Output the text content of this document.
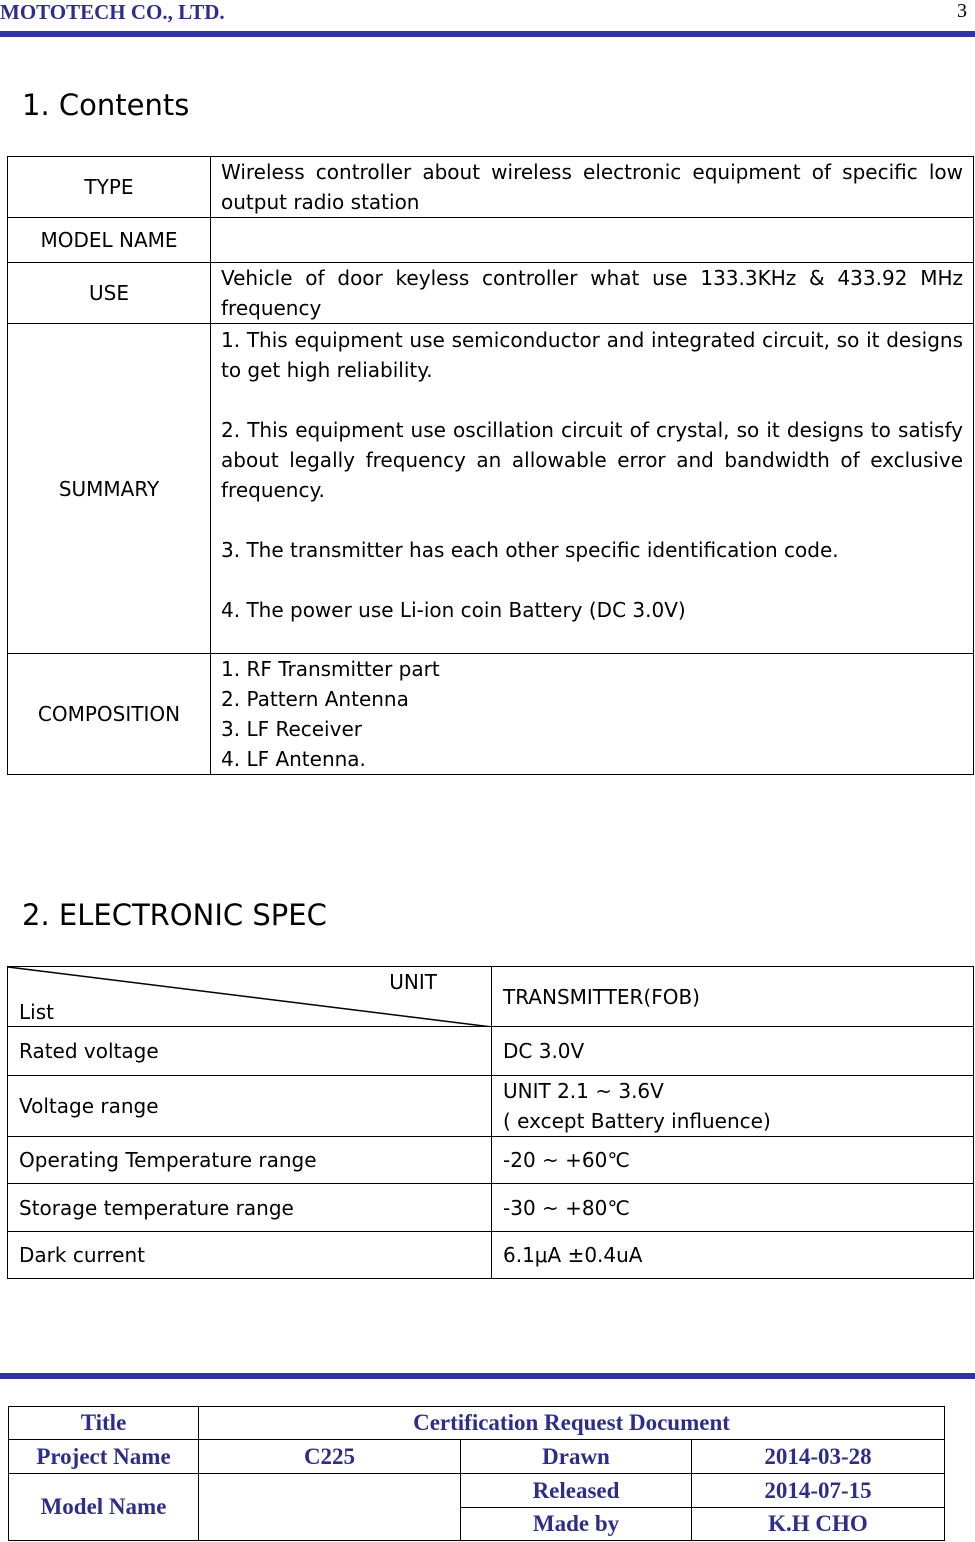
MOTOTECH CO., LTD.	3
1. Contents
TYPE	Wireless controller about wireless electronic equipment of specific low output radio station
MODEL NAME	
USE	Vehicle of door keyless controller what use 133.3KHz & 433.92 MHz frequency
SUMMARY	1. This equipment use semiconductor and integrated circuit, so it designs to get high reliability.

2. This equipment use oscillation circuit of crystal, so it designs to satisfy about legally frequency an allowable error and bandwidth of exclusive frequency.

3. The transmitter has each other specific identification code.

4. The power use Li-ion coin Battery (DC 3.0V)

COMPOSITION	1. RF Transmitter part
2. Pattern Antenna
3. LF Receiver
4. LF Antenna.
2. ELECTRONIC SPEC
UNIT
List	TRANSMITTER(FOB)
Rated voltage	DC 3.0V
Voltage range	UNIT 2.1 ~ 3.6V
( except Battery influence)

Operating Temperature range	-20 ~ +60℃
Storage temperature range	-30 ~ +80℃
Dark current	6.1μA ±0.4uA
Title	Certification Request Document		
Project Name	C225	Drawn	2014-03-28
Model Name		Released	2014-07-15
		Made by	K.H CHO
